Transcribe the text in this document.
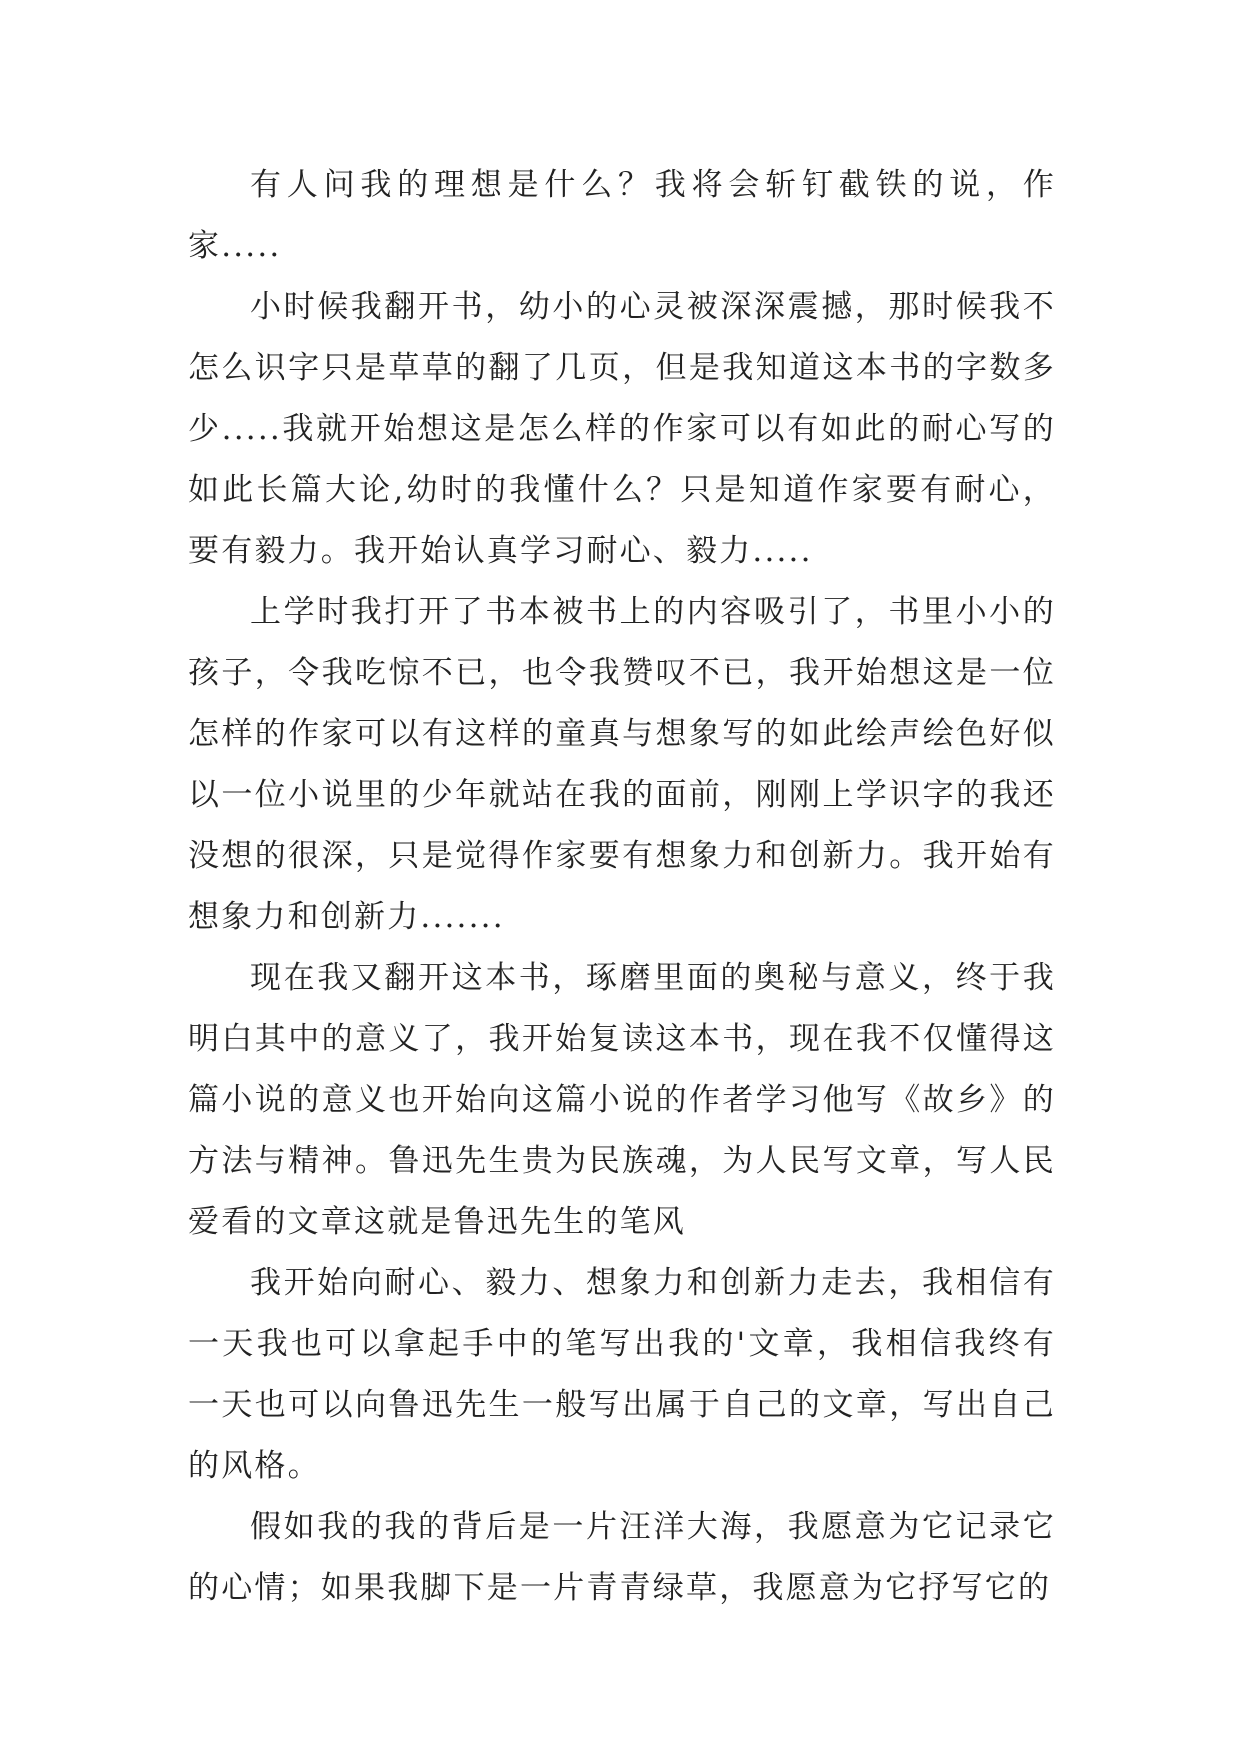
有人问我的理想是什么？我将会斩钉截铁的说，作家.....

小时候我翻开书，幼小的心灵被深深震撼，那时候我不怎么识字只是草草的翻了几页，但是我知道这本书的字数多少.....我就开始想这是怎么样的作家可以有如此的耐心写的如此长篇大论,幼时的我懂什么？只是知道作家要有耐心，要有毅力。我开始认真学习耐心、毅力.....

上学时我打开了书本被书上的内容吸引了，书里小小的孩子，令我吃惊不已，也令我赞叹不已，我开始想这是一位怎样的作家可以有这样的童真与想象写的如此绘声绘色好似以一位小说里的少年就站在我的面前，刚刚上学识字的我还没想的很深，只是觉得作家要有想象力和创新力。我开始有想象力和创新力.......

现在我又翻开这本书，琢磨里面的奥秘与意义，终于我明白其中的意义了，我开始复读这本书，现在我不仅懂得这篇小说的意义也开始向这篇小说的作者学习他写《故乡》的方法与精神。鲁迅先生贵为民族魂，为人民写文章，写人民爱看的文章这就是鲁迅先生的笔风

我开始向耐心、毅力、想象力和创新力走去，我相信有一天我也可以拿起手中的笔写出我的'文章，我相信我终有一天也可以向鲁迅先生一般写出属于自己的文章，写出自己的风格。

假如我的我的背后是一片汪洋大海，我愿意为它记录它的心情；如果我脚下是一片青青绿草，我愿意为它抒写它的
